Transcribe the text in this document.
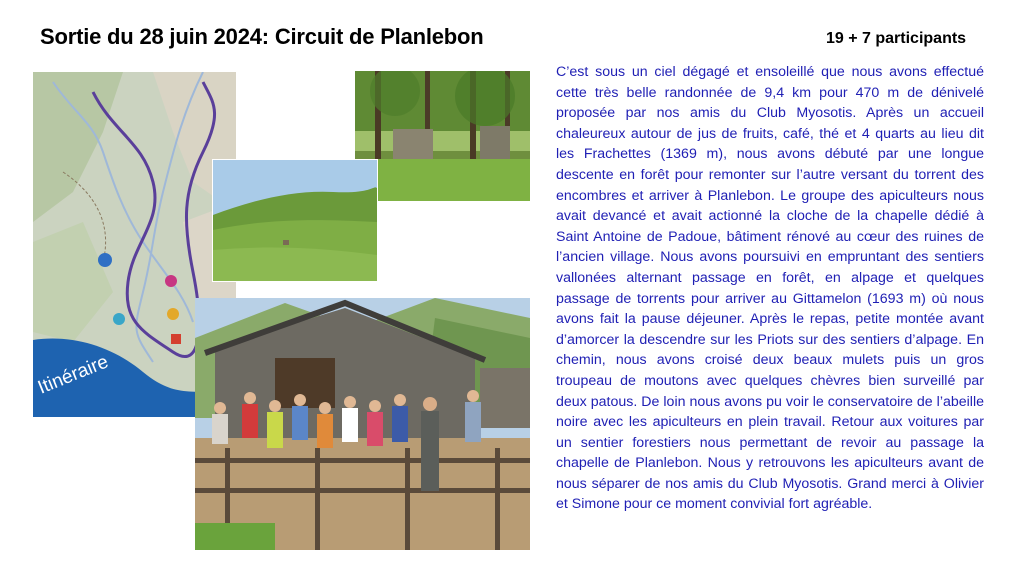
Sortie du 28 juin 2024: Circuit de Planlebon	19 + 7 participants
Itinéraire
C’est sous un ciel dégagé et ensoleillé que nous avons effectué cette très belle randonnée de 9,4 km pour 470 m de dénivelé proposée par nos amis du Club Myosotis. Après un accueil chaleureux autour de jus de fruits, café, thé et 4 quarts au lieu dit les Frachettes (1369 m), nous avons débuté par une longue descente en forêt pour remonter sur l’autre versant du torrent des encombres et arriver à Planlebon. Le groupe des apiculteurs nous avait devancé et avait actionné la cloche de la chapelle dédié à Saint Antoine de Padoue, bâtiment rénové au cœur des ruines de l’ancien village. Nous avons poursuivi en empruntant des sentiers vallonées alternant passage en forêt, en alpage et quelques passage de torrents pour arriver au Gittamelon (1693 m) où nous avons fait la pause déjeuner. Après le repas, petite montée avant d’amorcer la descendre sur les Priots sur des sentiers d’alpage. En chemin, nous avons croisé deux beaux mulets puis un gros troupeau de moutons avec quelques chèvres bien surveillé par deux patous. De loin nous avons pu voir le conservatoire de l’abeille noire avec les apiculteurs en plein travail. Retour aux voitures par un sentier forestiers nous permettant de revoir au passage la chapelle de Planlebon. Nous y retrouvons les apiculteurs avant de nous séparer de nos amis du Club Myosotis. Grand merci à Olivier et Simone pour ce moment convivial fort agréable.
